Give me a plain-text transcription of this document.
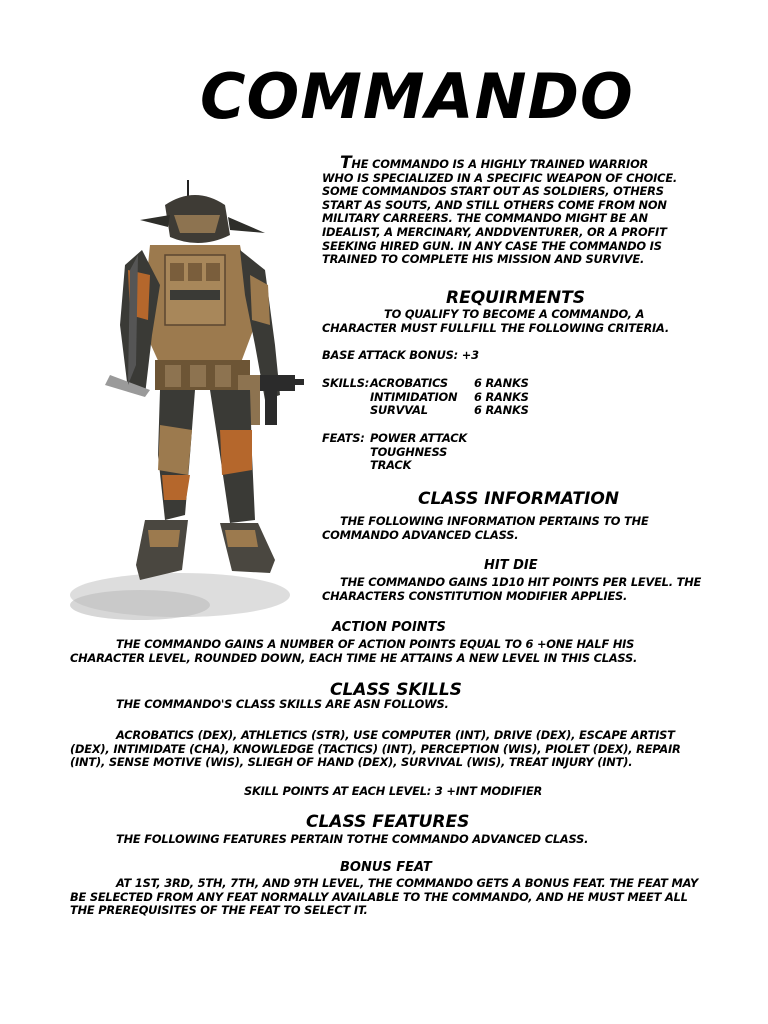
COMMANDO
THE COMMANDO IS A HIGHLY TRAINED WARRIOR WHO IS SPECIALIZED IN A SPECIFIC WEAPON OF CHOICE. SOME COMMANDOS START OUT AS SOLDIERS, OTHERS START AS SOUTS, AND STILL OTHERS COME FROM NON MILITARY CARREERS. THE COMMANDO MIGHT BE AN IDEALIST, A MERCINARY, ANDDVENTURER, OR A PROFIT SEEKING HIRED GUN. IN ANY CASE THE COMMANDO IS TRAINED TO COMPLETE HIS MISSION AND SURVIVE.
REQUIRMENTS
TO QUALIFY TO BECOME A COMMANDO, A CHARACTER MUST FULLFILL THE FOLLOWING CRITERIA.
BASE ATTACK BONUS: +3
SKILLS:	ACROBATICS	6 RANKS
	INTIMIDATION	6 RANKS
	SURVVAL	6 RANKS
FEATS:	POWER ATTACK
	TOUGHNESS
	TRACK
CLASS INFORMATION
THE FOLLOWING INFORMATION PERTAINS TO THE COMMANDO ADVANCED CLASS.
HIT DIE
THE COMMANDO GAINS 1D10 HIT POINTS PER LEVEL. THE CHARACTERS CONSTITUTION MODIFIER APPLIES.
ACTION POINTS
THE COMMANDO GAINS A NUMBER OF ACTION POINTS EQUAL TO 6 +ONE HALF HIS CHARACTER LEVEL, ROUNDED DOWN, EACH TIME HE ATTAINS A NEW LEVEL IN THIS CLASS.
CLASS SKILLS
THE COMMANDO'S CLASS SKILLS ARE ASN FOLLOWS.
ACROBATICS (DEX), ATHLETICS (STR), USE COMPUTER (INT), DRIVE (DEX), ESCAPE ARTIST (DEX), INTIMIDATE (CHA), KNOWLEDGE (TACTICS) (INT), PERCEPTION (WIS), PIOLET (DEX), REPAIR (INT), SENSE MOTIVE (WIS), SLIEGH OF HAND (DEX), SURVIVAL (WIS), TREAT INJURY (INT).
SKILL POINTS AT EACH LEVEL: 3 +INT MODIFIER
CLASS FEATURES
THE FOLLOWING FEATURES PERTAIN TOTHE COMMANDO ADVANCED CLASS.
BONUS FEAT
AT 1ST, 3RD, 5TH, 7TH, AND 9TH LEVEL, THE COMMANDO GETS A BONUS FEAT. THE FEAT MAY BE SELECTED FROM ANY FEAT NORMALLY AVAILABLE TO THE COMMANDO, AND HE MUST MEET ALL THE PREREQUISITES OF THE FEAT TO SELECT IT.
